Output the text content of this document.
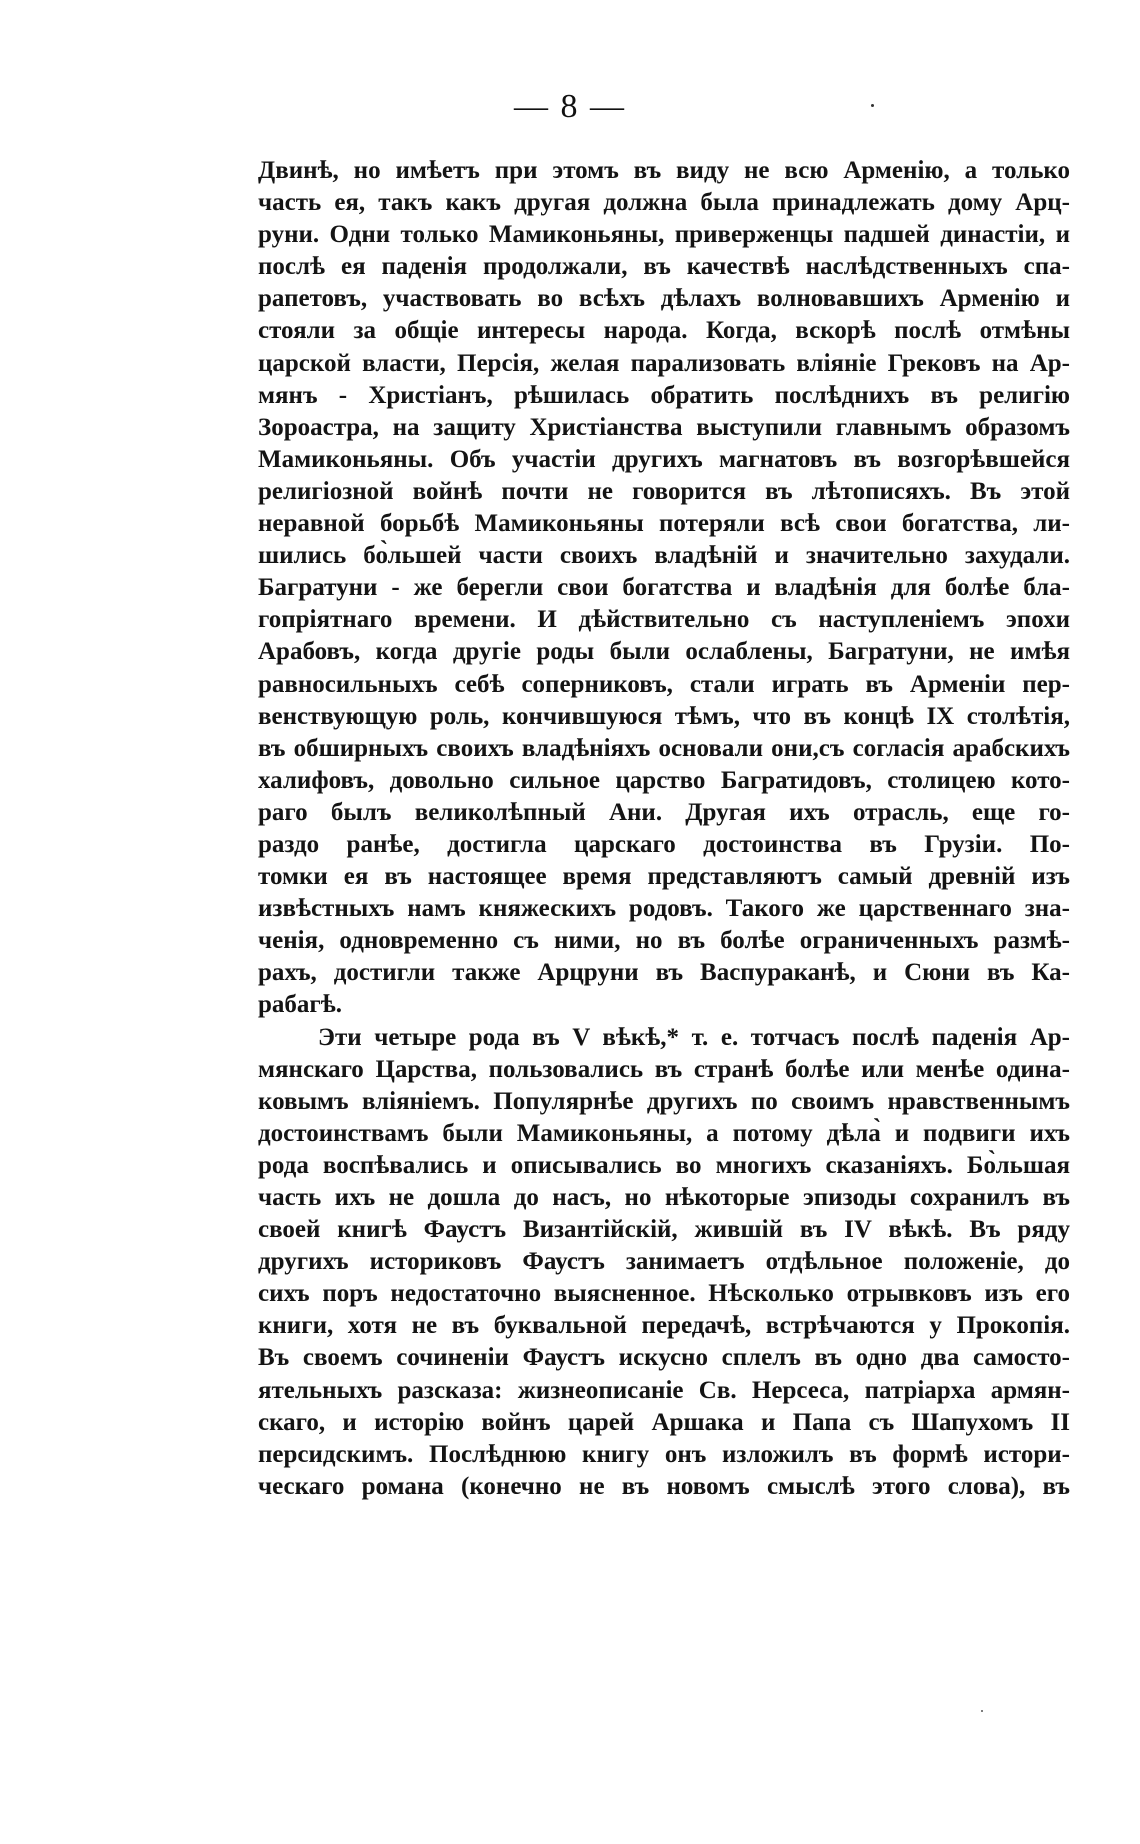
— 8 —
Двинѣ, но имѣетъ при этомъ въ виду не всю Арменію, а только
часть ея, такъ какъ другая должна была принадлежать дому Арц-
руни. Одни только Мамиконьяны, приверженцы падшей династіи, и
послѣ ея паденія продолжали, въ качествѣ наслѣдственныхъ спа-
рапетовъ, участвовать во всѣхъ дѣлахъ волновавшихъ Арменію и
стояли за общіе интересы народа. Когда, вскорѣ послѣ отмѣны
царской власти, Персія, желая парализовать вліяніе Грековъ на Ар-
мянъ - Христіанъ, рѣшилась обратить послѣднихъ въ религію
Зороастра, на защиту Христіанства выступили главнымъ образомъ
Мамиконьяны. Объ участіи другихъ магнатовъ въ возгорѣвшейся
религіозной войнѣ почти не говорится въ лѣтописяхъ. Въ этой
неравной борьбѣ Мамиконьяны потеряли всѣ свои богатства, ли-
шились бо̀льшей части своихъ владѣній и значительно захудали.
Багратуни - же берегли свои богатства и владѣнія для болѣе бла-
гопріятнаго времени. И дѣйствительно съ наступленіемъ эпохи
Арабовъ, когда другіе роды были ослаблены, Багратуни, не имѣя
равносильныхъ себѣ соперниковъ, стали играть въ Арменіи пер-
венствующую роль, кончившуюся тѣмъ, что въ концѣ IX столѣтія,
въ обширныхъ своихъ владѣніяхъ основали они,съ согласія арабскихъ
халифовъ, довольно сильное царство Багратидовъ, столицею кото-
раго былъ великолѣпный Ани. Другая ихъ отрасль, еще го-
раздо ранѣе, достигла царскаго достоинства въ Грузіи. По-
томки ея въ настоящее время представляютъ самый древній изъ
извѣстныхъ намъ княжескихъ родовъ. Такого же царственнаго зна-
ченія, одновременно съ ними, но въ болѣе ограниченныхъ размѣ-
рахъ, достигли также Арцруни въ Васпураканѣ, и Сюни въ Ка-
рабагѣ.
Эти четыре рода въ V вѣкѣ,* т. е. тотчасъ послѣ паденія Ар-
мянскаго Царства, пользовались въ странѣ болѣе или менѣе одина-
ковымъ вліяніемъ. Популярнѣе другихъ по своимъ нравственнымъ
достоинствамъ были Мамиконьяны, а потому дѣла̀ и подвиги ихъ
рода воспѣвались и описывались во многихъ сказаніяхъ. Бо̀льшая
часть ихъ не дошла до насъ, но нѣкоторые эпизоды сохранилъ въ
своей книгѣ Фаустъ Византійскій, жившій въ IV вѣкѣ. Въ ряду
другихъ историковъ Фаустъ занимаетъ отдѣльное положеніе, до
сихъ поръ недостаточно выясненное. Нѣсколько отрывковъ изъ его
книги, хотя не въ буквальной передачѣ, встрѣчаются у Прокопія.
Въ своемъ сочиненіи Фаустъ искусно сплелъ въ одно два самосто-
ятельныхъ разсказа: жизнеописаніе Св. Нерсеса, патріарха армян-
скаго, и исторію войнъ царей Аршака и Папа съ Шапухомъ II
персидскимъ. Послѣднюю книгу онъ изложилъ въ формѣ истори-
ческаго романа (конечно не въ новомъ смыслѣ этого слова), въ
